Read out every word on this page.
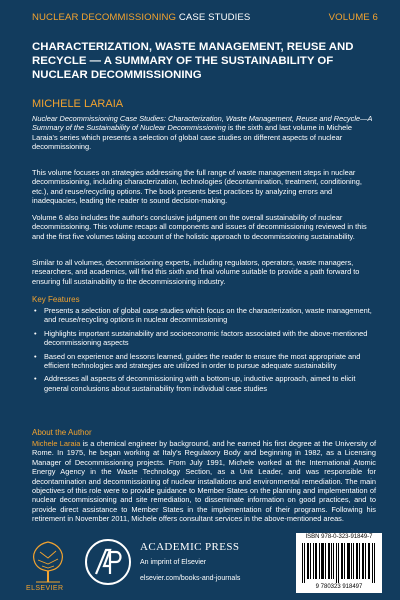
NUCLEAR DECOMMISSIONING CASE STUDIES	VOLUME 6
CHARACTERIZATION, WASTE MANAGEMENT, REUSE AND RECYCLE — A SUMMARY OF THE SUSTAINABILITY OF NUCLEAR DECOMMISSIONING
MICHELE LARAIA
Nuclear Decommissioning Case Studies: Characterization, Waste Management, Reuse and Recycle—A Summary of the Sustainability of Nuclear Decommissioning is the sixth and last volume in Michele Laraia's series which presents a selection of global case studies on different aspects of nuclear decommissioning.
This volume focuses on strategies addressing the full range of waste management steps in nuclear decommissioning, including characterization, technologies (decontamination, treatment, conditioning, etc.), and reuse/recycling options. The book presents best practices by analyzing errors and inadequacies, leading the reader to sound decision-making.
Volume 6 also includes the author's conclusive judgment on the overall sustainability of nuclear decommissioning. This volume recaps all components and issues of decommissioning reviewed in this and the first five volumes taking account of the holistic approach to decommissioning sustainability.
Similar to all volumes, decommissioning experts, including regulators, operators, waste managers, researchers, and academics, will find this sixth and final volume suitable to provide a path forward to ensuring full sustainability to the decommissioning industry.
Key Features
• Presents a selection of global case studies which focus on the characterization, waste management, and reuse/recycling options in nuclear decommissioning
• Highlights important sustainability and socioeconomic factors associated with the above-mentioned decommissioning aspects
• Based on experience and lessons learned, guides the reader to ensure the most appropriate and efficient technologies and strategies are utilized in order to pursue adequate sustainability
• Addresses all aspects of decommissioning with a bottom-up, inductive approach, aimed to elicit general conclusions about sustainability from individual case studies
About the Author
Michele Laraia is a chemical engineer by background, and he earned his first degree at the University of Rome. In 1975, he began working at Italy's Regulatory Body and beginning in 1982, as a Licensing Manager of Decommissioning projects. From July 1991, Michele worked at the International Atomic Energy Agency in the Waste Technology Section, as a Unit Leader, and was responsible for decontamination and decommissioning of nuclear installations and environmental remediation. The main objectives of this role were to provide guidance to Member States on the planning and implementation of nuclear decommissioning and site remediation, to disseminate information on good practices, and to provide direct assistance to Member States in the implementation of their programs. Following his retirement in November 2011, Michele offers consultant services in the above-mentioned areas.
ISBN 978-0-323-91849-7
9 780323 918497
ELSEVIER
ACADEMIC PRESS
An imprint of Elsevier
elsevier.com/books-and-journals
